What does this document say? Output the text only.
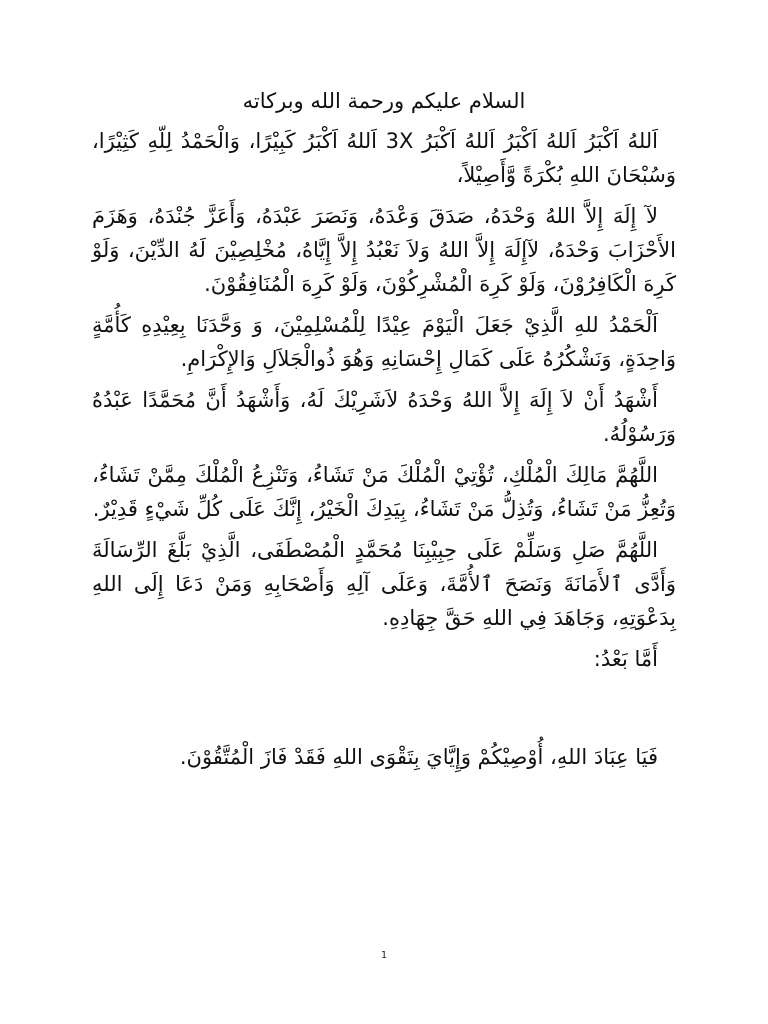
السلام عليكم ورحمة الله وبركاته

اَللهُ اَكْبَرُ اَللهُ اَكْبَرُ اَللهُ اَكْبَرُ 3X اَللهُ اَكْبَرُ كَبِيْرًا، وَالْحَمْدُ لِلّهِ كَثِيْرًا، وَسُبْحَانَ اللهِ بُكْرَةً وَّأَصِيْلاً،

لآ إِلَهَ إِلاَّ اللهُ وَحْدَهُ، صَدَقَ وَعْدَهُ، وَنَصَرَ عَبْدَهُ، وَأَعَزَّ جُنْدَهُ، وَهَزَمَ الأَحْزَابَ وَحْدَهُ، لآإِلَهَ إِلاَّ اللهُ وَلاَ نَعْبُدُ إِلاَّ إِيَّاهُ، مُخْلِصِيْنَ لَهُ الدِّيْنَ، وَلَوْ كَرِهَ الْكَافِرُوْنَ، وَلَوْ كَرِهَ الْمُشْرِكُوْنَ، وَلَوْ كَرِهَ الْمُنَافِقُوْنَ.

اَلْحَمْدُ للهِ الَّذِيْ جَعَلَ الْيَوْمَ عِيْدًا لِلْمُسْلِمِيْنَ، وَ وَحَّدَنَا بِعِيْدِهِ كَأُمَّةٍ وَاحِدَةٍ، وَنَشْكُرُهُ عَلَى كَمَالِ إِحْسَانِهِ وَهُوَ ذُوالْجَلاَلِ وَالإِكْرَامِ.

أَشْهَدُ أَنْ لاَ إِلَهَ إِلاَّ اللهُ وَحْدَهُ لاَشَرِيْكَ لَهُ، وَأَشْهَدُ أَنَّ مُحَمَّدًا عَبْدُهُ وَرَسُوْلُهُ.

اللَّهُمَّ مَالِكَ الْمُلْكِ، تُؤْتِيْ الْمُلْكَ مَنْ تَشَاءُ، وَتَنْزِعُ الْمُلْكَ مِمَّنْ تَشَاءُ، وَتُعِزُّ مَنْ تَشَاءُ، وَتُذِلُّ مَنْ تَشَاءُ، بِيَدِكَ الْخَيْرُ، إِنَّكَ عَلَى كُلِّ شَيْءٍ قَدِيْرٌ.

اللَّهُمَّ صَلِ وَسَلِّمْ عَلَى حِبِيْبِنَا مُحَمَّدٍ الْمُصْطَفَى، الَّذِيْ بَلَّغَ الرِّسَالَةَ وَأَدَّى ٱلأَمَانَةَ وَنَصَحَ ٱلأُمَّةَ، وَعَلَى آلِهِ وَأَصْحَابِهِ وَمَنْ دَعَا إِلَى اللهِ بِدَعْوَتِهِ، وَجَاهَدَ فِي اللهِ حَقَّ جِهَادِهِ.

أَمَّا بَعْدُ:

فَيَا عِبَادَ اللهِ، أُوْصِيْكُمْ وَإِيَّايَ بِتَقْوَى اللهِ فَقَدْ فَازَ الْمُتَّقُوْنَ.

1
